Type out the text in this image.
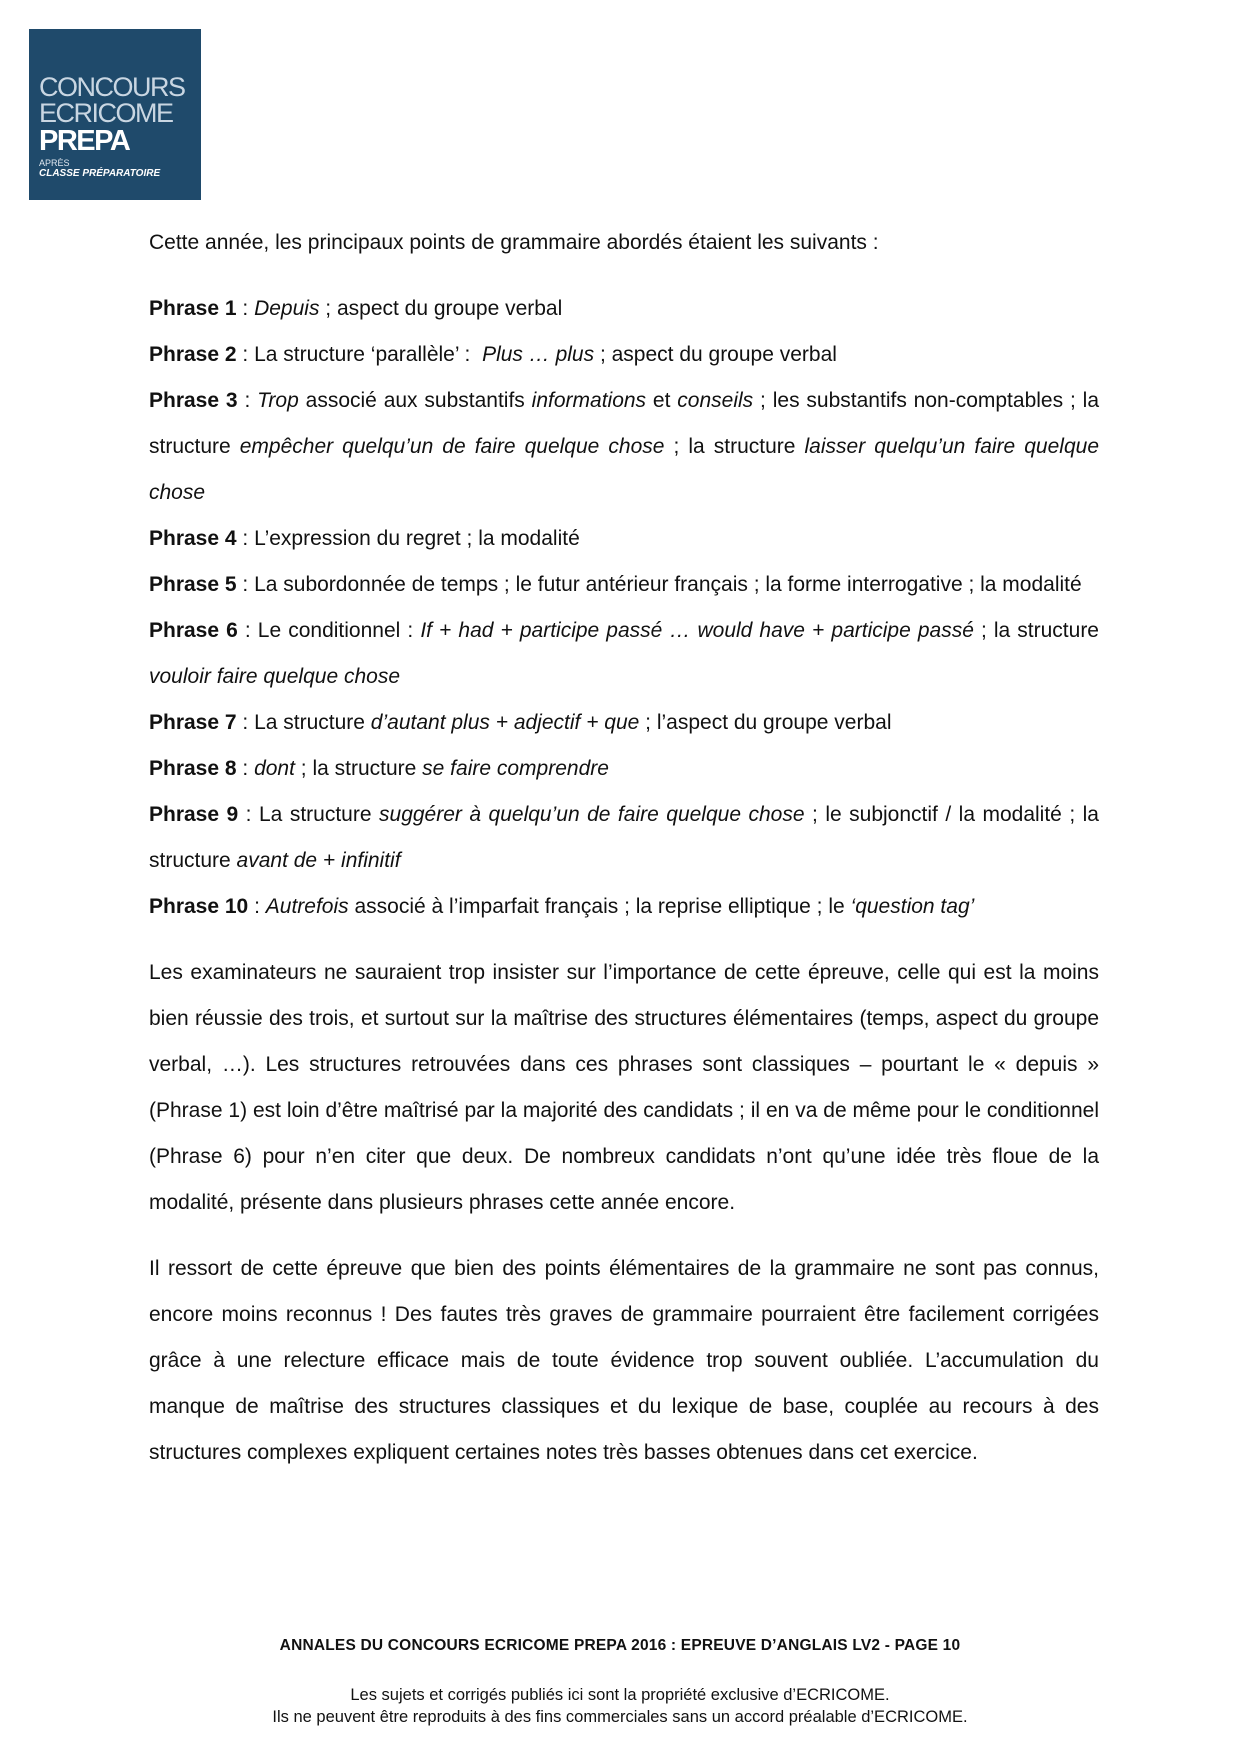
CONCOURS
ECRICOME
PREPA
APRÈS
CLASSE PRÉPARATOIRE

Cette année, les principaux points de grammaire abordés étaient les suivants :

Phrase 1 : Depuis ; aspect du groupe verbal

Phrase 2 : La structure ‘parallèle’ :  Plus … plus ; aspect du groupe verbal

Phrase 3 : Trop associé aux substantifs informations et conseils ; les substantifs non-comptables ; la structure empêcher quelqu’un de faire quelque chose ; la structure laisser quelqu’un faire quelque chose

Phrase 4 : L’expression du regret ; la modalité

Phrase 5 : La subordonnée de temps ; le futur antérieur français ; la forme interrogative ; la modalité

Phrase 6 : Le conditionnel : If + had + participe passé … would have + participe passé ; la structure vouloir faire quelque chose

Phrase 7 : La structure d’autant plus + adjectif + que ; l’aspect du groupe verbal

Phrase 8 : dont ; la structure se faire comprendre

Phrase 9 : La structure suggérer à quelqu’un de faire quelque chose ; le subjonctif / la modalité ; la structure avant de + infinitif

Phrase 10 : Autrefois associé à l’imparfait français ; la reprise elliptique ; le ‘question tag’

Les examinateurs ne sauraient trop insister sur l’importance de cette épreuve, celle qui est la moins bien réussie des trois, et surtout sur la maîtrise des structures élémentaires (temps, aspect du groupe verbal, …). Les structures retrouvées dans ces phrases sont classiques – pourtant le « depuis » (Phrase 1) est loin d’être maîtrisé par la majorité des candidats ; il en va de même pour le conditionnel (Phrase 6) pour n’en citer que deux. De nombreux candidats n’ont qu’une idée très floue de la modalité, présente dans plusieurs phrases cette année encore.

Il ressort de cette épreuve que bien des points élémentaires de la grammaire ne sont pas connus, encore moins reconnus ! Des fautes très graves de grammaire pourraient être facilement corrigées grâce à une relecture efficace mais de toute évidence trop souvent oubliée. L’accumulation du manque de maîtrise des structures classiques et du lexique de base, couplée au recours à des structures complexes expliquent certaines notes très basses obtenues dans cet exercice.

ANNALES DU CONCOURS ECRICOME PREPA 2016 : EPREUVE D’ANGLAIS LV2 - PAGE 10
Les sujets et corrigés publiés ici sont la propriété exclusive d’ECRICOME.
Ils ne peuvent être reproduits à des fins commerciales sans un accord préalable d’ECRICOME.
